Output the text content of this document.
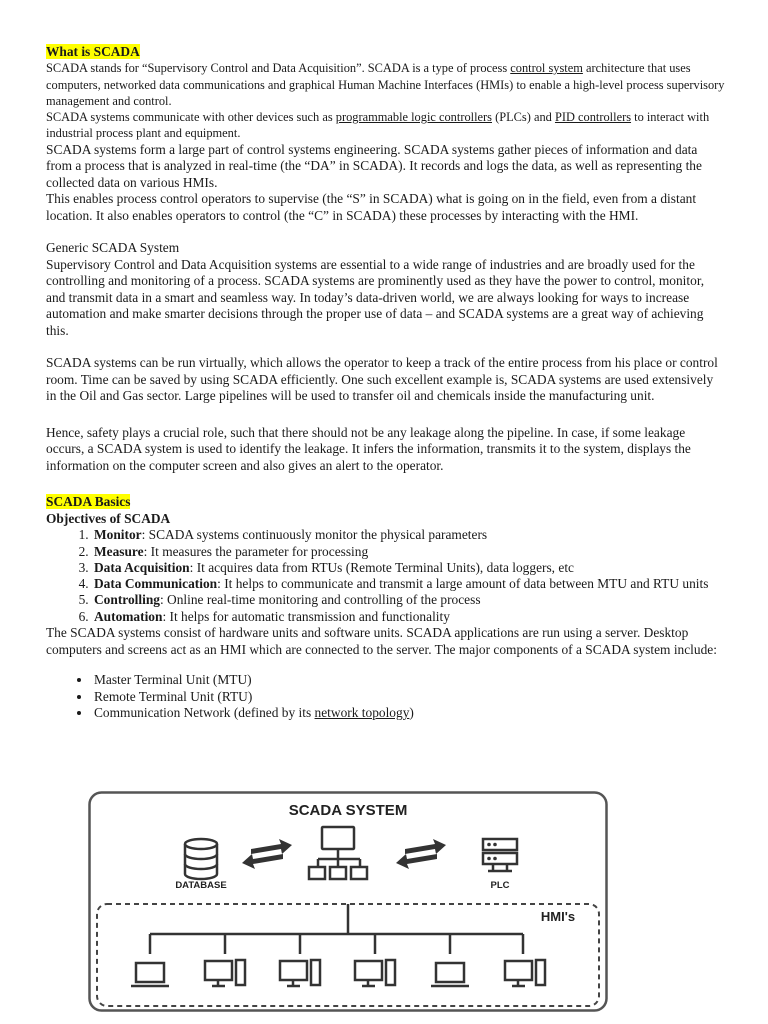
What is SCADA
SCADA stands for “Supervisory Control and Data Acquisition”. SCADA is a type of process control system architecture that uses computers, networked data communications and graphical Human Machine Interfaces (HMIs) to enable a high-level process supervisory management and control.
SCADA systems communicate with other devices such as programmable logic controllers (PLCs) and PID controllers to interact with industrial process plant and equipment.

SCADA systems form a large part of control systems engineering. SCADA systems gather pieces of information and data from a process that is analyzed in real-time (the “DA” in SCADA). It records and logs the data, as well as representing the collected data on various HMIs.

This enables process control operators to supervise (the “S” in SCADA) what is going on in the field, even from a distant location. It also enables operators to control (the “C” in SCADA) these processes by interacting with the HMI.

Generic SCADA System

Supervisory Control and Data Acquisition systems are essential to a wide range of industries and are broadly used for the controlling and monitoring of a process. SCADA systems are prominently used as they have the power to control, monitor, and transmit data in a smart and seamless way. In today’s data-driven world, we are always looking for ways to increase automation and make smarter decisions through the proper use of data – and SCADA systems are a great way of achieving this.

SCADA systems can be run virtually, which allows the operator to keep a track of the entire process from his place or control room. Time can be saved by using SCADA efficiently. One such excellent example is, SCADA systems are used extensively in the Oil and Gas sector. Large pipelines will be used to transfer oil and chemicals inside the manufacturing unit.

Hence, safety plays a crucial role, such that there should not be any leakage along the pipeline. In case, if some leakage occurs, a SCADA system is used to identify the leakage. It infers the information, transmits it to the system, displays the information on the computer screen and also gives an alert to the operator.

SCADA Basics

Objectives of SCADA

1. Monitor: SCADA systems continuously monitor the physical parameters
2. Measure: It measures the parameter for processing
3. Data Acquisition: It acquires data from RTUs (Remote Terminal Units), data loggers, etc
4. Data Communication: It helps to communicate and transmit a large amount of data between MTU and RTU units
5. Controlling: Online real-time monitoring and controlling of the process
6. Automation: It helps for automatic transmission and functionality

The SCADA systems consist of hardware units and software units. SCADA applications are run using a server. Desktop computers and screens act as an HMI which are connected to the server. The major components of a SCADA system include:

• Master Terminal Unit (MTU)
• Remote Terminal Unit (RTU)
• Communication Network (defined by its network topology)
SCADA SYSTEM
DATABASE	PLC
HMI's
